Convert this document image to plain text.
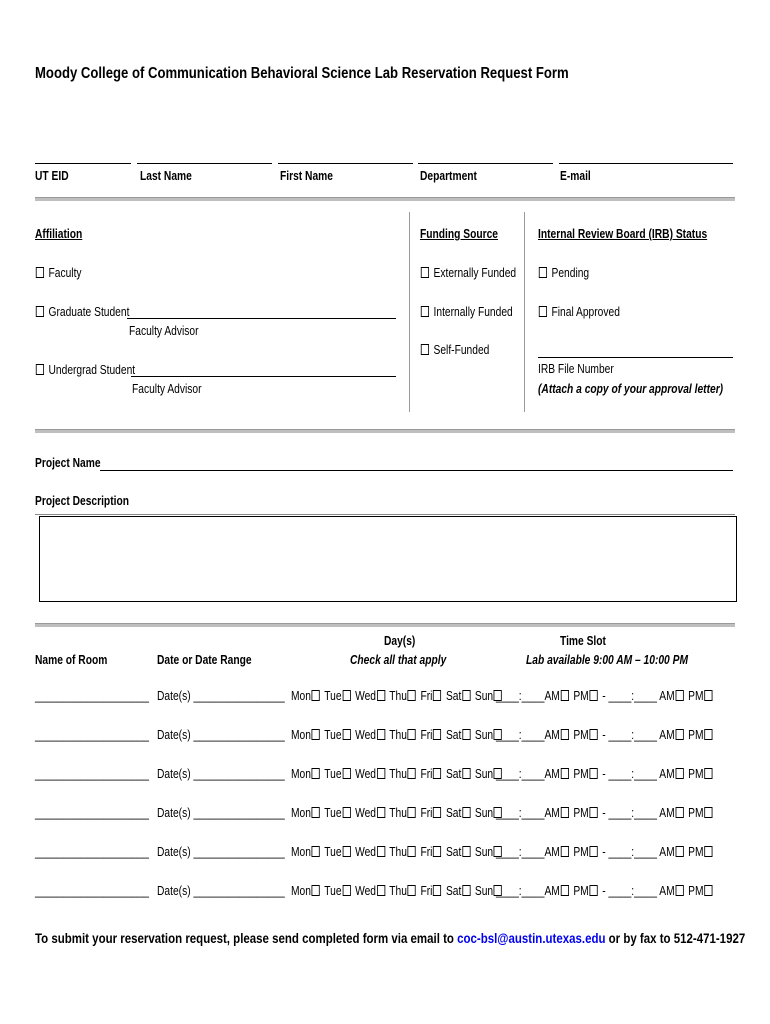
Moody College of Communication Behavioral Science Lab Reservation Request Form
UT EID	Last Name	First Name	Department	E-mail
Affiliation
Faculty
Graduate Student
Faculty Advisor
Undergrad Student
Faculty Advisor
Funding Source
Externally Funded
Internally Funded
Self-Funded
Internal Review Board (IRB) Status
Pending
Final Approved
IRB File Number
(Attach a copy of your approval letter)
Project Name
Project Description
Name of Room	Date or Date Range
Day(s)
Check all that apply
Time Slot
Lab available 9:00 AM – 10:00 PM
____________________ Date(s) ________________ Mon Tue Wed Thu Fri Sat Sun ____:____AM PM - ____:____ AM PM
____________________ Date(s) ________________ Mon Tue Wed Thu Fri Sat Sun ____:____AM PM - ____:____ AM PM
____________________ Date(s) ________________ Mon Tue Wed Thu Fri Sat Sun ____:____AM PM - ____:____ AM PM
____________________ Date(s) ________________ Mon Tue Wed Thu Fri Sat Sun ____:____AM PM - ____:____ AM PM
____________________ Date(s) ________________ Mon Tue Wed Thu Fri Sat Sun ____:____AM PM - ____:____ AM PM
____________________ Date(s) ________________ Mon Tue Wed Thu Fri Sat Sun ____:____AM PM - ____:____ AM PM
To submit your reservation request, please send completed form via email to coc-bsl@austin.utexas.edu or by fax to 512-471-1927
